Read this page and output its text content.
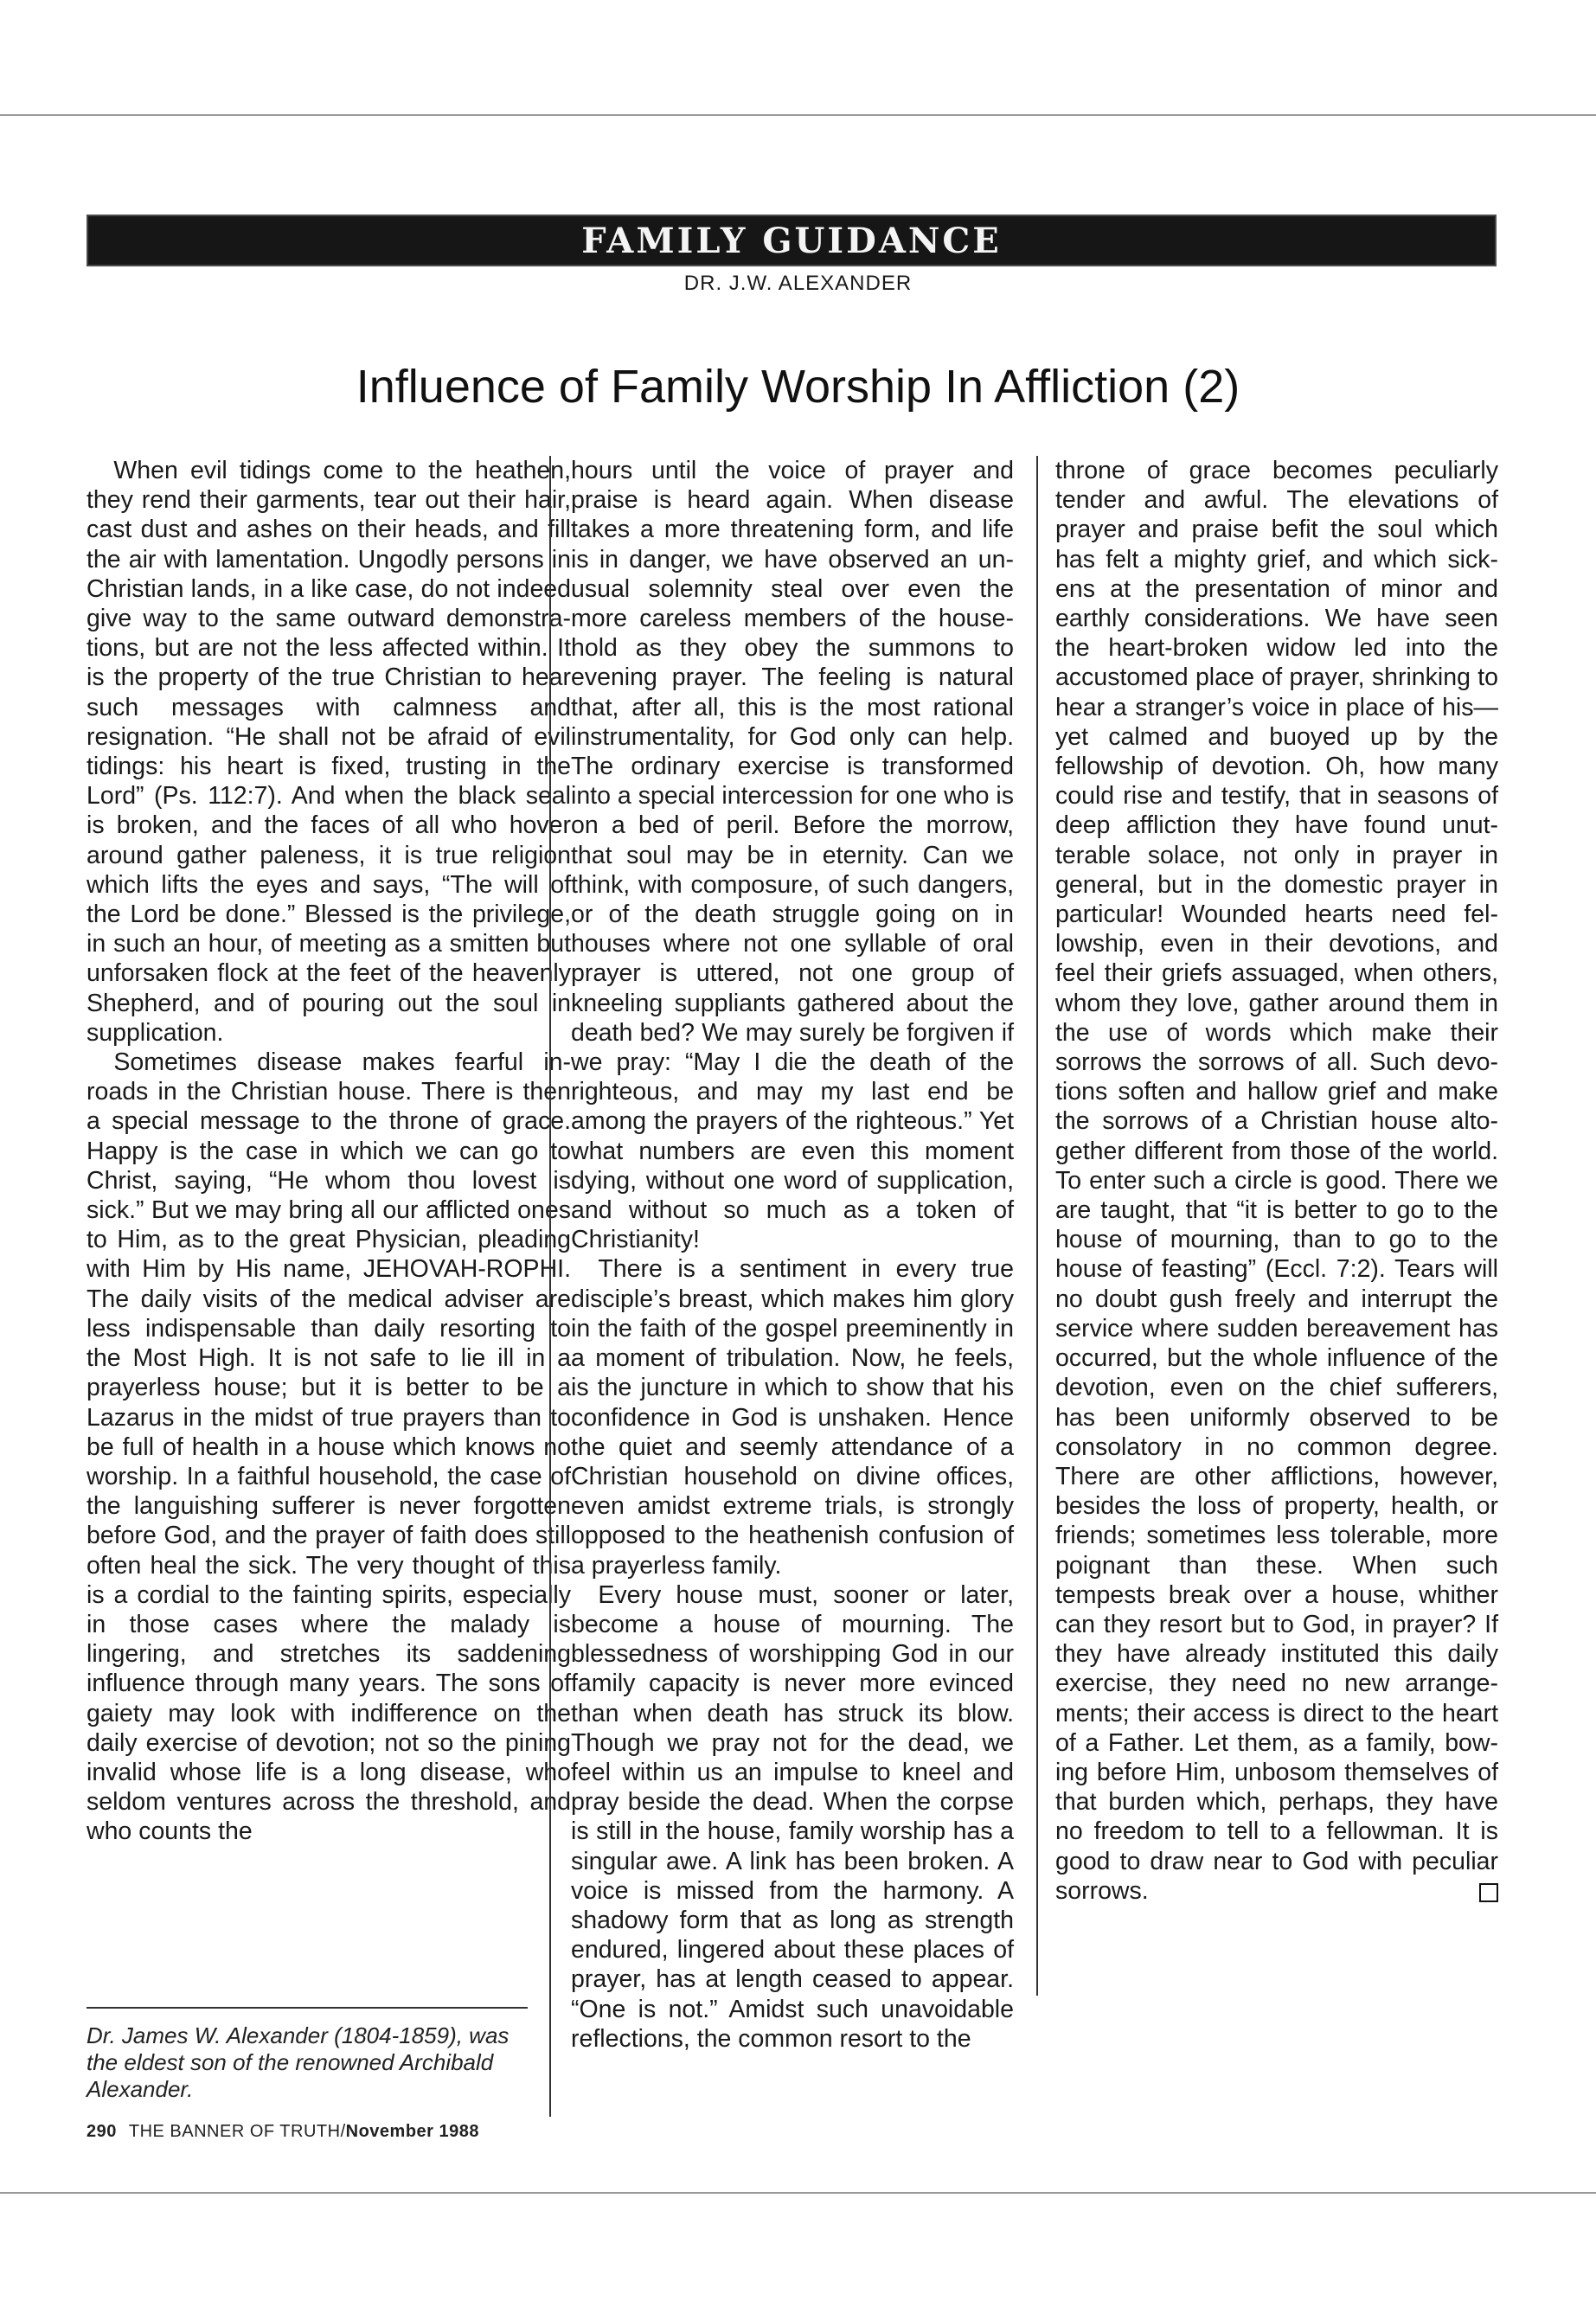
FAMILY GUIDANCE
DR. J.W. ALEXANDER
Influence of Family Worship In Affliction (2)

When evil tidings come to the heathen, they rend their garments, tear out their hair, cast dust and ashes on their heads, and fill the air with lamentation. Ungodly persons in Christian lands, in a like case, do not indeed give way to the same outward demonstrations, but are not the less affected within. It is the property of the true Christian to hear such messages with calmness and resignation. “He shall not be afraid of evil tidings: his heart is fixed, trusting in the Lord” (Ps. 112:7). And when the black seal is broken, and the faces of all who hover around gather paleness, it is true religion which lifts the eyes and says, “The will of the Lord be done.” Blessed is the privilege, in such an hour, of meeting as a smitten but unforsaken flock at the feet of the heavenly Shepherd, and of pouring out the soul in supplication.

Sometimes disease makes fearful inroads in the Christian house. There is then a special message to the throne of grace. Happy is the case in which we can go to Christ, saying, “He whom thou lovest is sick.” But we may bring all our afflicted ones to Him, as to the great Physician, pleading with Him by His name, JEHOVAH-ROPHI. The daily visits of the medical adviser are less indispensable than daily resorting to the Most High. It is not safe to lie ill in a prayerless house; but it is better to be a Lazarus in the midst of true prayers than to be full of health in a house which knows no worship. In a faithful household, the case of the languishing sufferer is never forgotten before God, and the prayer of faith does still often heal the sick. The very thought of this is a cordial to the fainting spirits, especially in those cases where the malady is lingering, and stretches its saddening influence through many years. The sons of gaiety may look with indifference on the daily exercise of devotion; not so the pining invalid whose life is a long disease, who seldom ventures across the threshold, and who counts the

hours until the voice of prayer and praise is heard again. When disease takes a more threatening form, and life is in danger, we have observed an unusual solemnity steal over even the more careless members of the household as they obey the summons to evening prayer. The feeling is natural that, after all, this is the most rational instrumentality, for God only can help. The ordinary exercise is transformed into a special intercession for one who is on a bed of peril. Before the morrow, that soul may be in eternity. Can we think, with composure, of such dangers, or of the death struggle going on in houses where not one syllable of oral prayer is uttered, not one group of kneeling suppliants gathered about the death bed? We may surely be forgiven if we pray: “May I die the death of the righteous, and may my last end be among the prayers of the righteous.” Yet what numbers are even this moment dying, without one word of supplication, and without so much as a token of Christianity!

There is a sentiment in every true disciple’s breast, which makes him glory in the faith of the gospel preeminently in a moment of tribulation. Now, he feels, is the juncture in which to show that his confidence in God is unshaken. Hence the quiet and seemly attendance of a Christian household on divine offices, even amidst extreme trials, is strongly opposed to the heathenish confusion of a prayerless family.

Every house must, sooner or later, become a house of mourning. The blessedness of worshipping God in our family capacity is never more evinced than when death has struck its blow. Though we pray not for the dead, we feel within us an impulse to kneel and pray beside the dead. When the corpse is still in the house, family worship has a singular awe. A link has been broken. A voice is missed from the harmony. A shadowy form that as long as strength endured, lingered about these places of prayer, has at length ceased to appear. “One is not.” Amidst such unavoidable reflections, the common resort to the

throne of grace becomes peculiarly tender and awful. The elevations of prayer and praise befit the soul which has felt a mighty grief, and which sickens at the presentation of minor and earthly considerations. We have seen the heart-broken widow led into the accustomed place of prayer, shrinking to hear a stranger’s voice in place of his—yet calmed and buoyed up by the fellowship of devotion. Oh, how many could rise and testify, that in seasons of deep affliction they have found unutterable solace, not only in prayer in general, but in the domestic prayer in particular! Wounded hearts need fellowship, even in their devotions, and feel their griefs assuaged, when others, whom they love, gather around them in the use of words which make their sorrows the sorrows of all. Such devotions soften and hallow grief and make the sorrows of a Christian house altogether different from those of the world. To enter such a circle is good. There we are taught, that “it is better to go to the house of mourning, than to go to the house of feasting” (Eccl. 7:2). Tears will no doubt gush freely and interrupt the service where sudden bereavement has occurred, but the whole influence of the devotion, even on the chief sufferers, has been uniformly observed to be consolatory in no common degree. There are other afflictions, however, besides the loss of property, health, or friends; sometimes less tolerable, more poignant than these. When such tempests break over a house, whither can they resort but to God, in prayer? If they have already instituted this daily exercise, they need no new arrangements; their access is direct to the heart of a Father. Let them, as a family, bowing before Him, unbosom themselves of that burden which, perhaps, they have no freedom to tell to a fellowman. It is good to draw near to God with peculiar sorrows.

Dr. James W. Alexander (1804-1859), was the eldest son of the renowned Archibald Alexander.
290 THE BANNER OF TRUTH/November 1988
